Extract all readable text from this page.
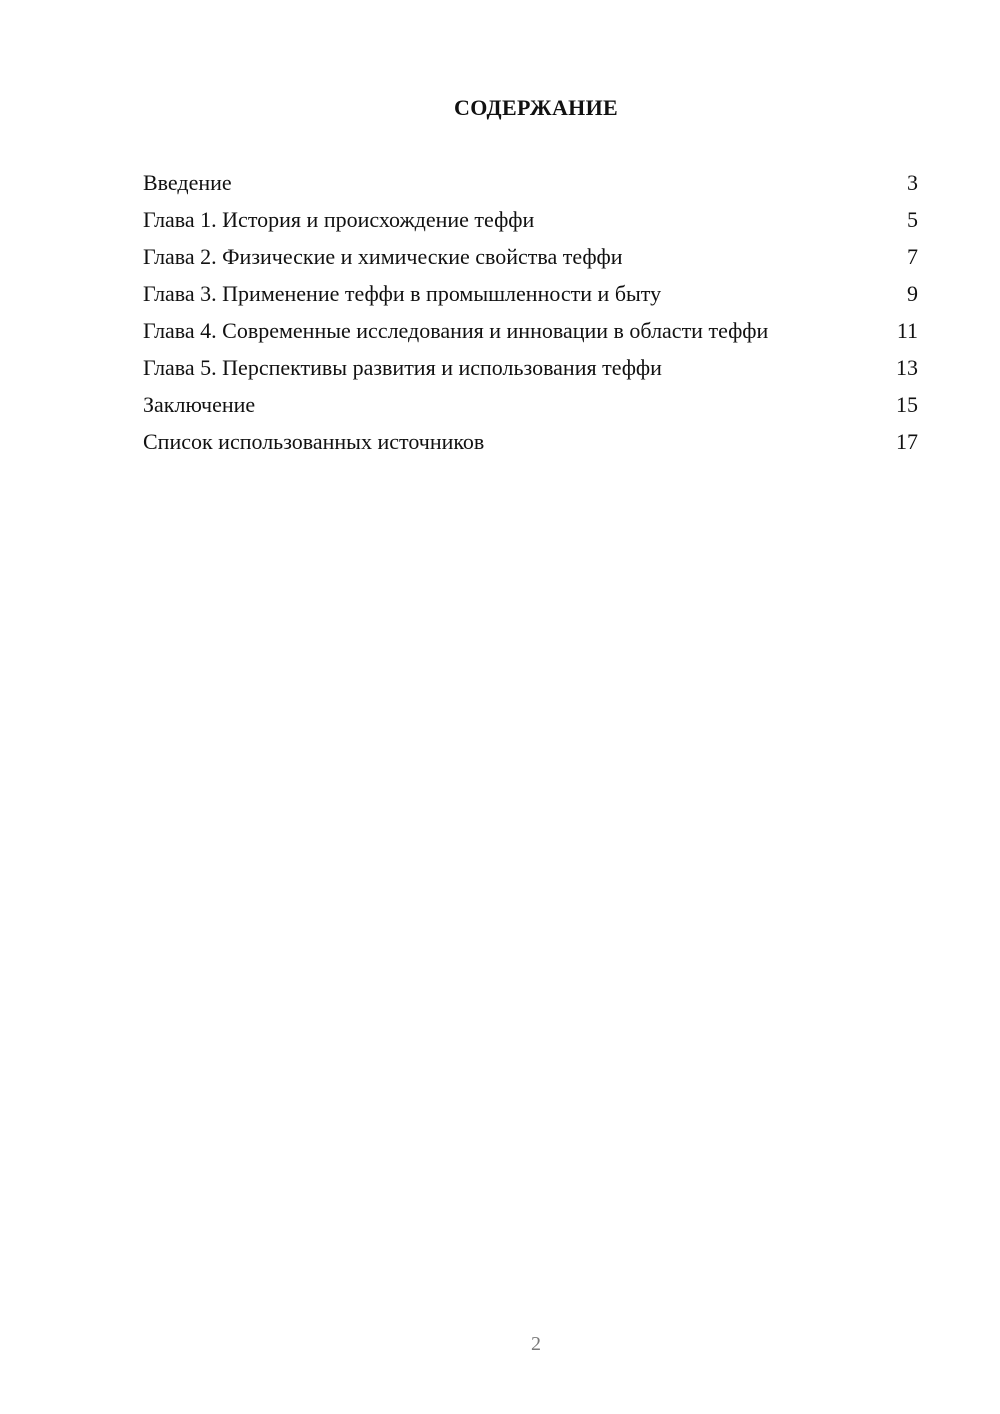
СОДЕРЖАНИЕ
Введение	3
Глава 1. История и происхождение теффи	5
Глава 2. Физические и химические свойства теффи	7
Глава 3. Применение теффи в промышленности и быту	9
Глава 4. Современные исследования и инновации в области теффи	11
Глава 5. Перспективы развития и использования теффи	13
Заключение	15
Список использованных источников	17
2
